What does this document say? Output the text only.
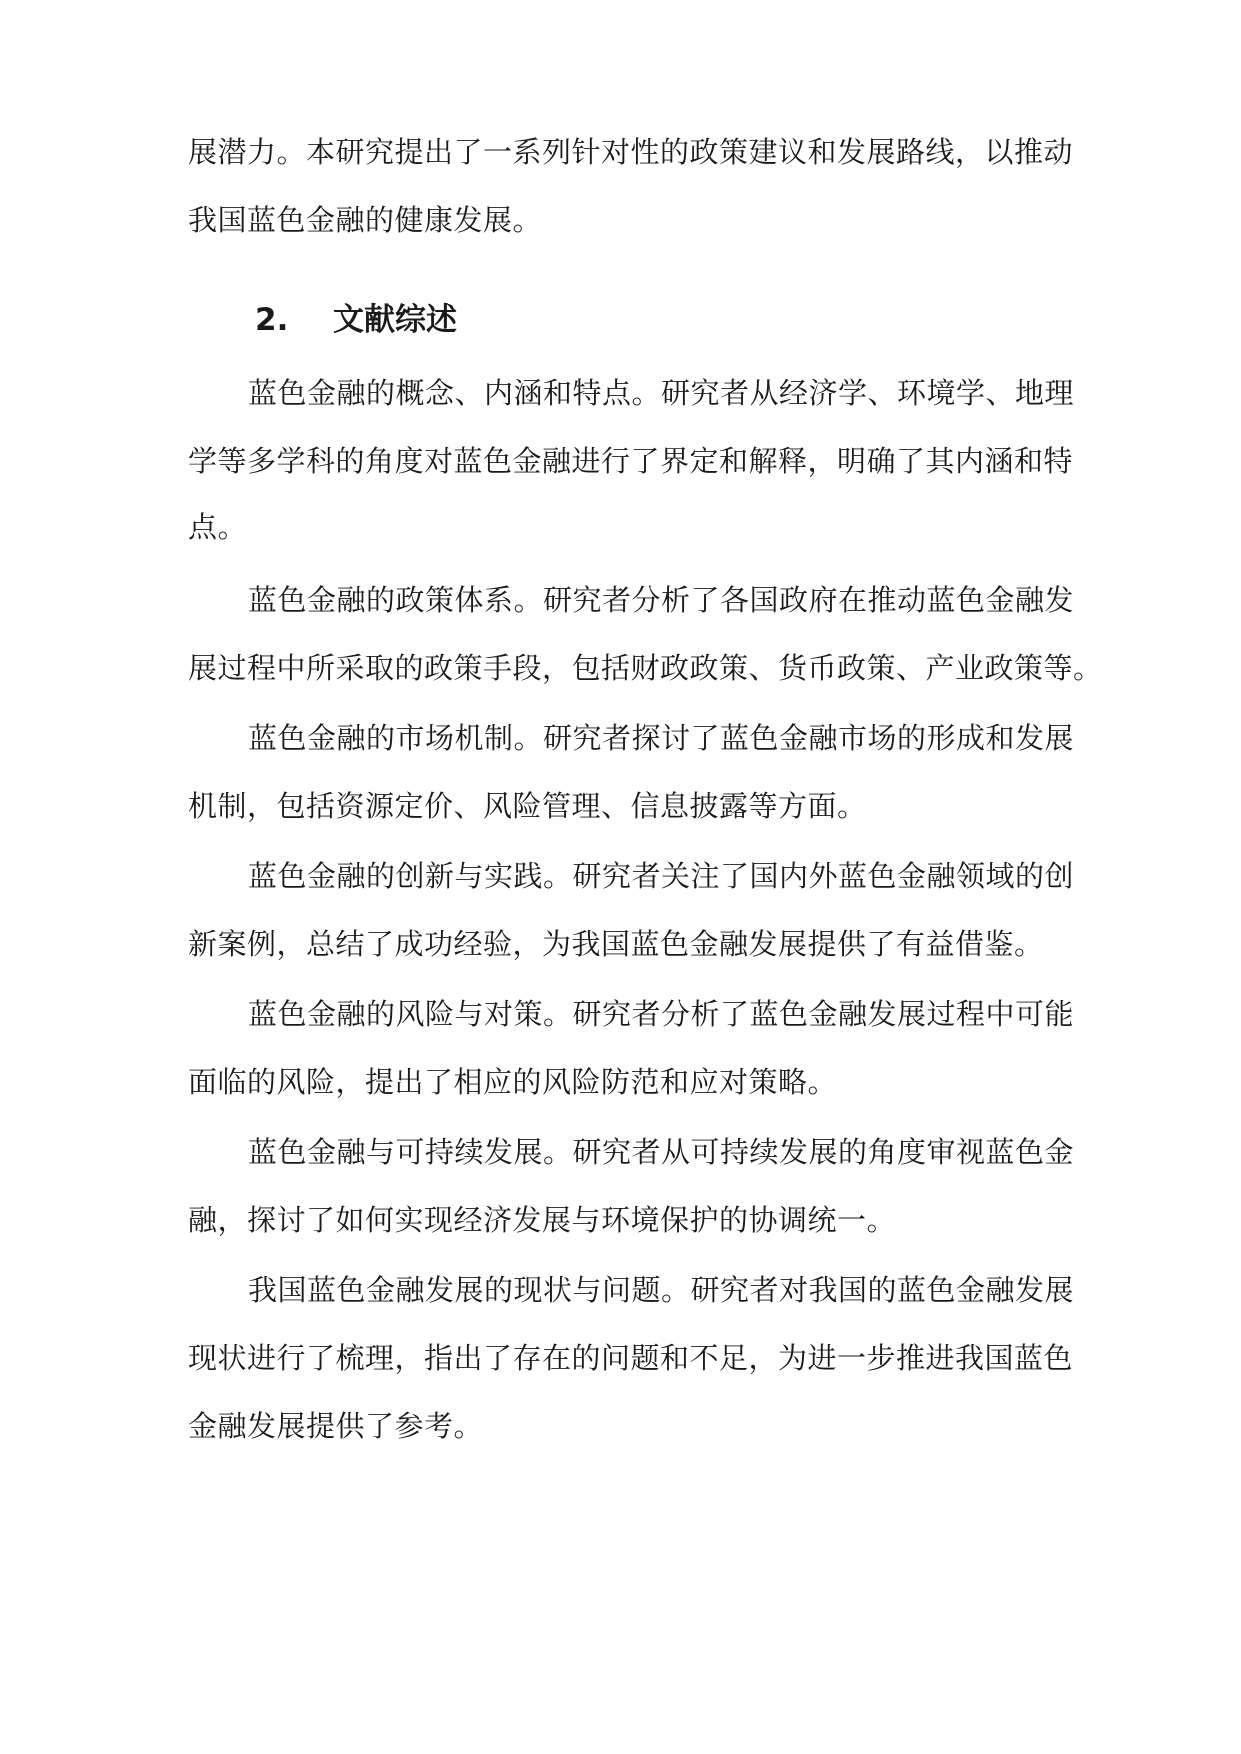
展潜力。本研究提出了一系列针对性的政策建议和发展路线，以推动
我国蓝色金融的健康发展。
2. 文献综述
蓝色金融的概念、内涵和特点。研究者从经济学、环境学、地理
学等多学科的角度对蓝色金融进行了界定和解释，明确了其内涵和特
点。
蓝色金融的政策体系。研究者分析了各国政府在推动蓝色金融发
展过程中所采取的政策手段，包括财政政策、货币政策、产业政策等。
蓝色金融的市场机制。研究者探讨了蓝色金融市场的形成和发展
机制，包括资源定价、风险管理、信息披露等方面。
蓝色金融的创新与实践。研究者关注了国内外蓝色金融领域的创
新案例，总结了成功经验，为我国蓝色金融发展提供了有益借鉴。
蓝色金融的风险与对策。研究者分析了蓝色金融发展过程中可能
面临的风险，提出了相应的风险防范和应对策略。
蓝色金融与可持续发展。研究者从可持续发展的角度审视蓝色金
融，探讨了如何实现经济发展与环境保护的协调统一。
我国蓝色金融发展的现状与问题。研究者对我国的蓝色金融发展
现状进行了梳理，指出了存在的问题和不足，为进一步推进我国蓝色
金融发展提供了参考。
